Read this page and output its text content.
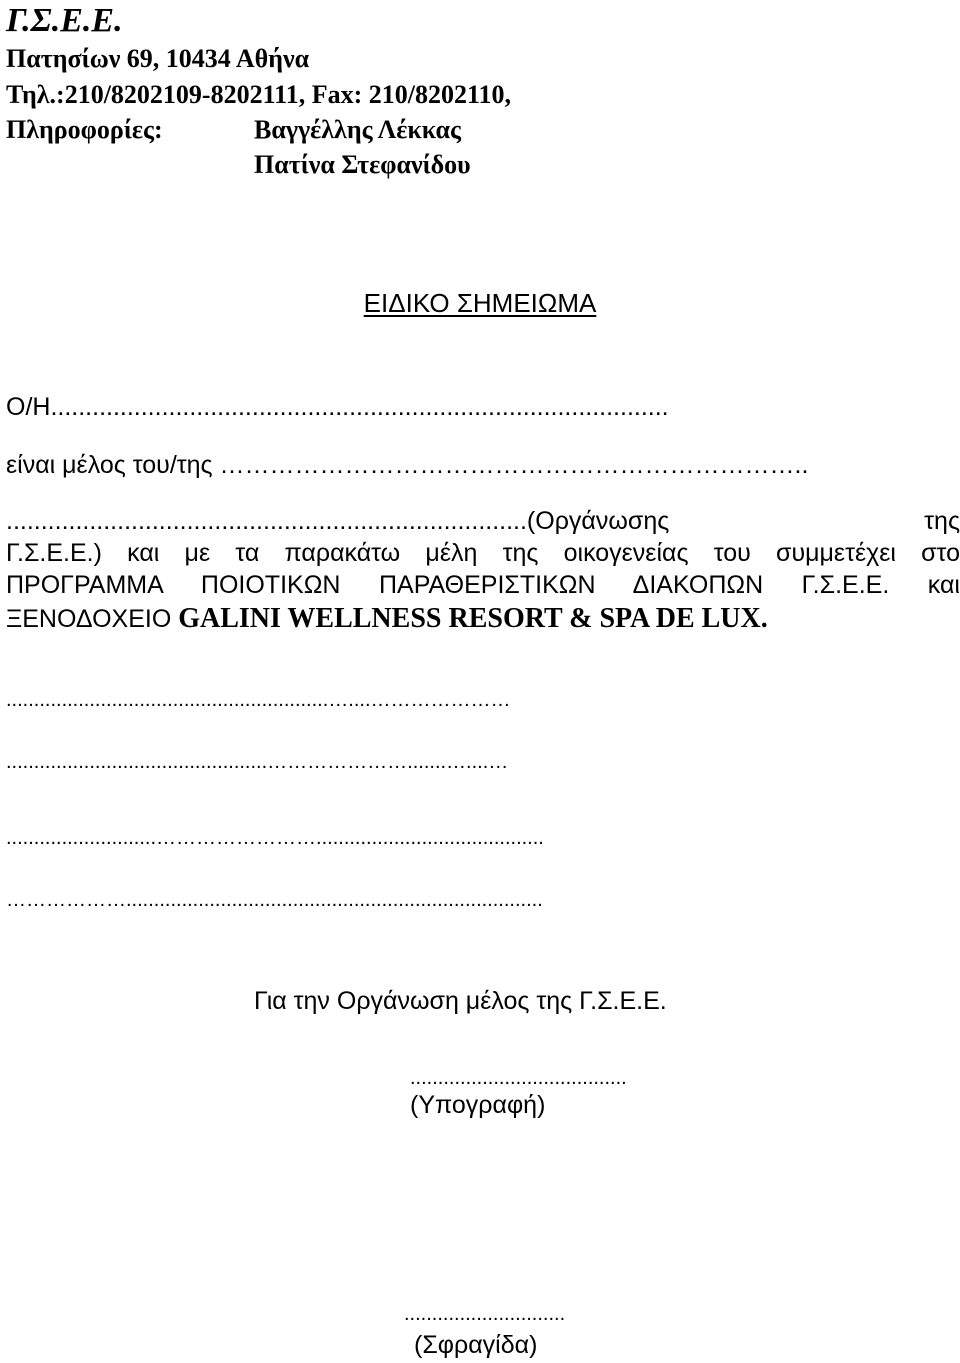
Γ.Σ.Ε.Ε.
Πατησίων 69, 10434 Αθήνα
Τηλ.:210/8202109-8202111, Fax: 210/8202110,
Πληροφορίες:	Βαγγέλλης Λέκκας
Πατίνα Στεφανίδου
ΕΙΔΙΚΟ ΣΗΜΕΙΩΜΑ
Ο/Η.........................................................................................
είναι μέλος του/της ……………………………………………………………..
...........................................................................(Οργάνωσης	της
Γ.Σ.Ε.Ε.) και με τα παρακάτω μέλη της οικογενείας του συμμετέχει στο
ΠΡΟΓΡΑΜΜΑ ΠΟΙΟΤΙΚΩΝ ΠΑΡΑΘΕΡΙΣΤΙΚΩΝ ΔΙΑΚΟΠΩΝ Γ.Σ.Ε.Ε. και
ΞΕΝΟΔΟΧΕΙΟ GALINI WELLNESS RESORT & SPA DE LUX.
..........................................................…....…………………
...............................................………………….......…....…
...........................…………………….........................................
………………...........................................................................
Για την Οργάνωση μέλος της Γ.Σ.Ε.Ε.
.......................................
(Υπογραφή)
.............................
(Σφραγίδα)
